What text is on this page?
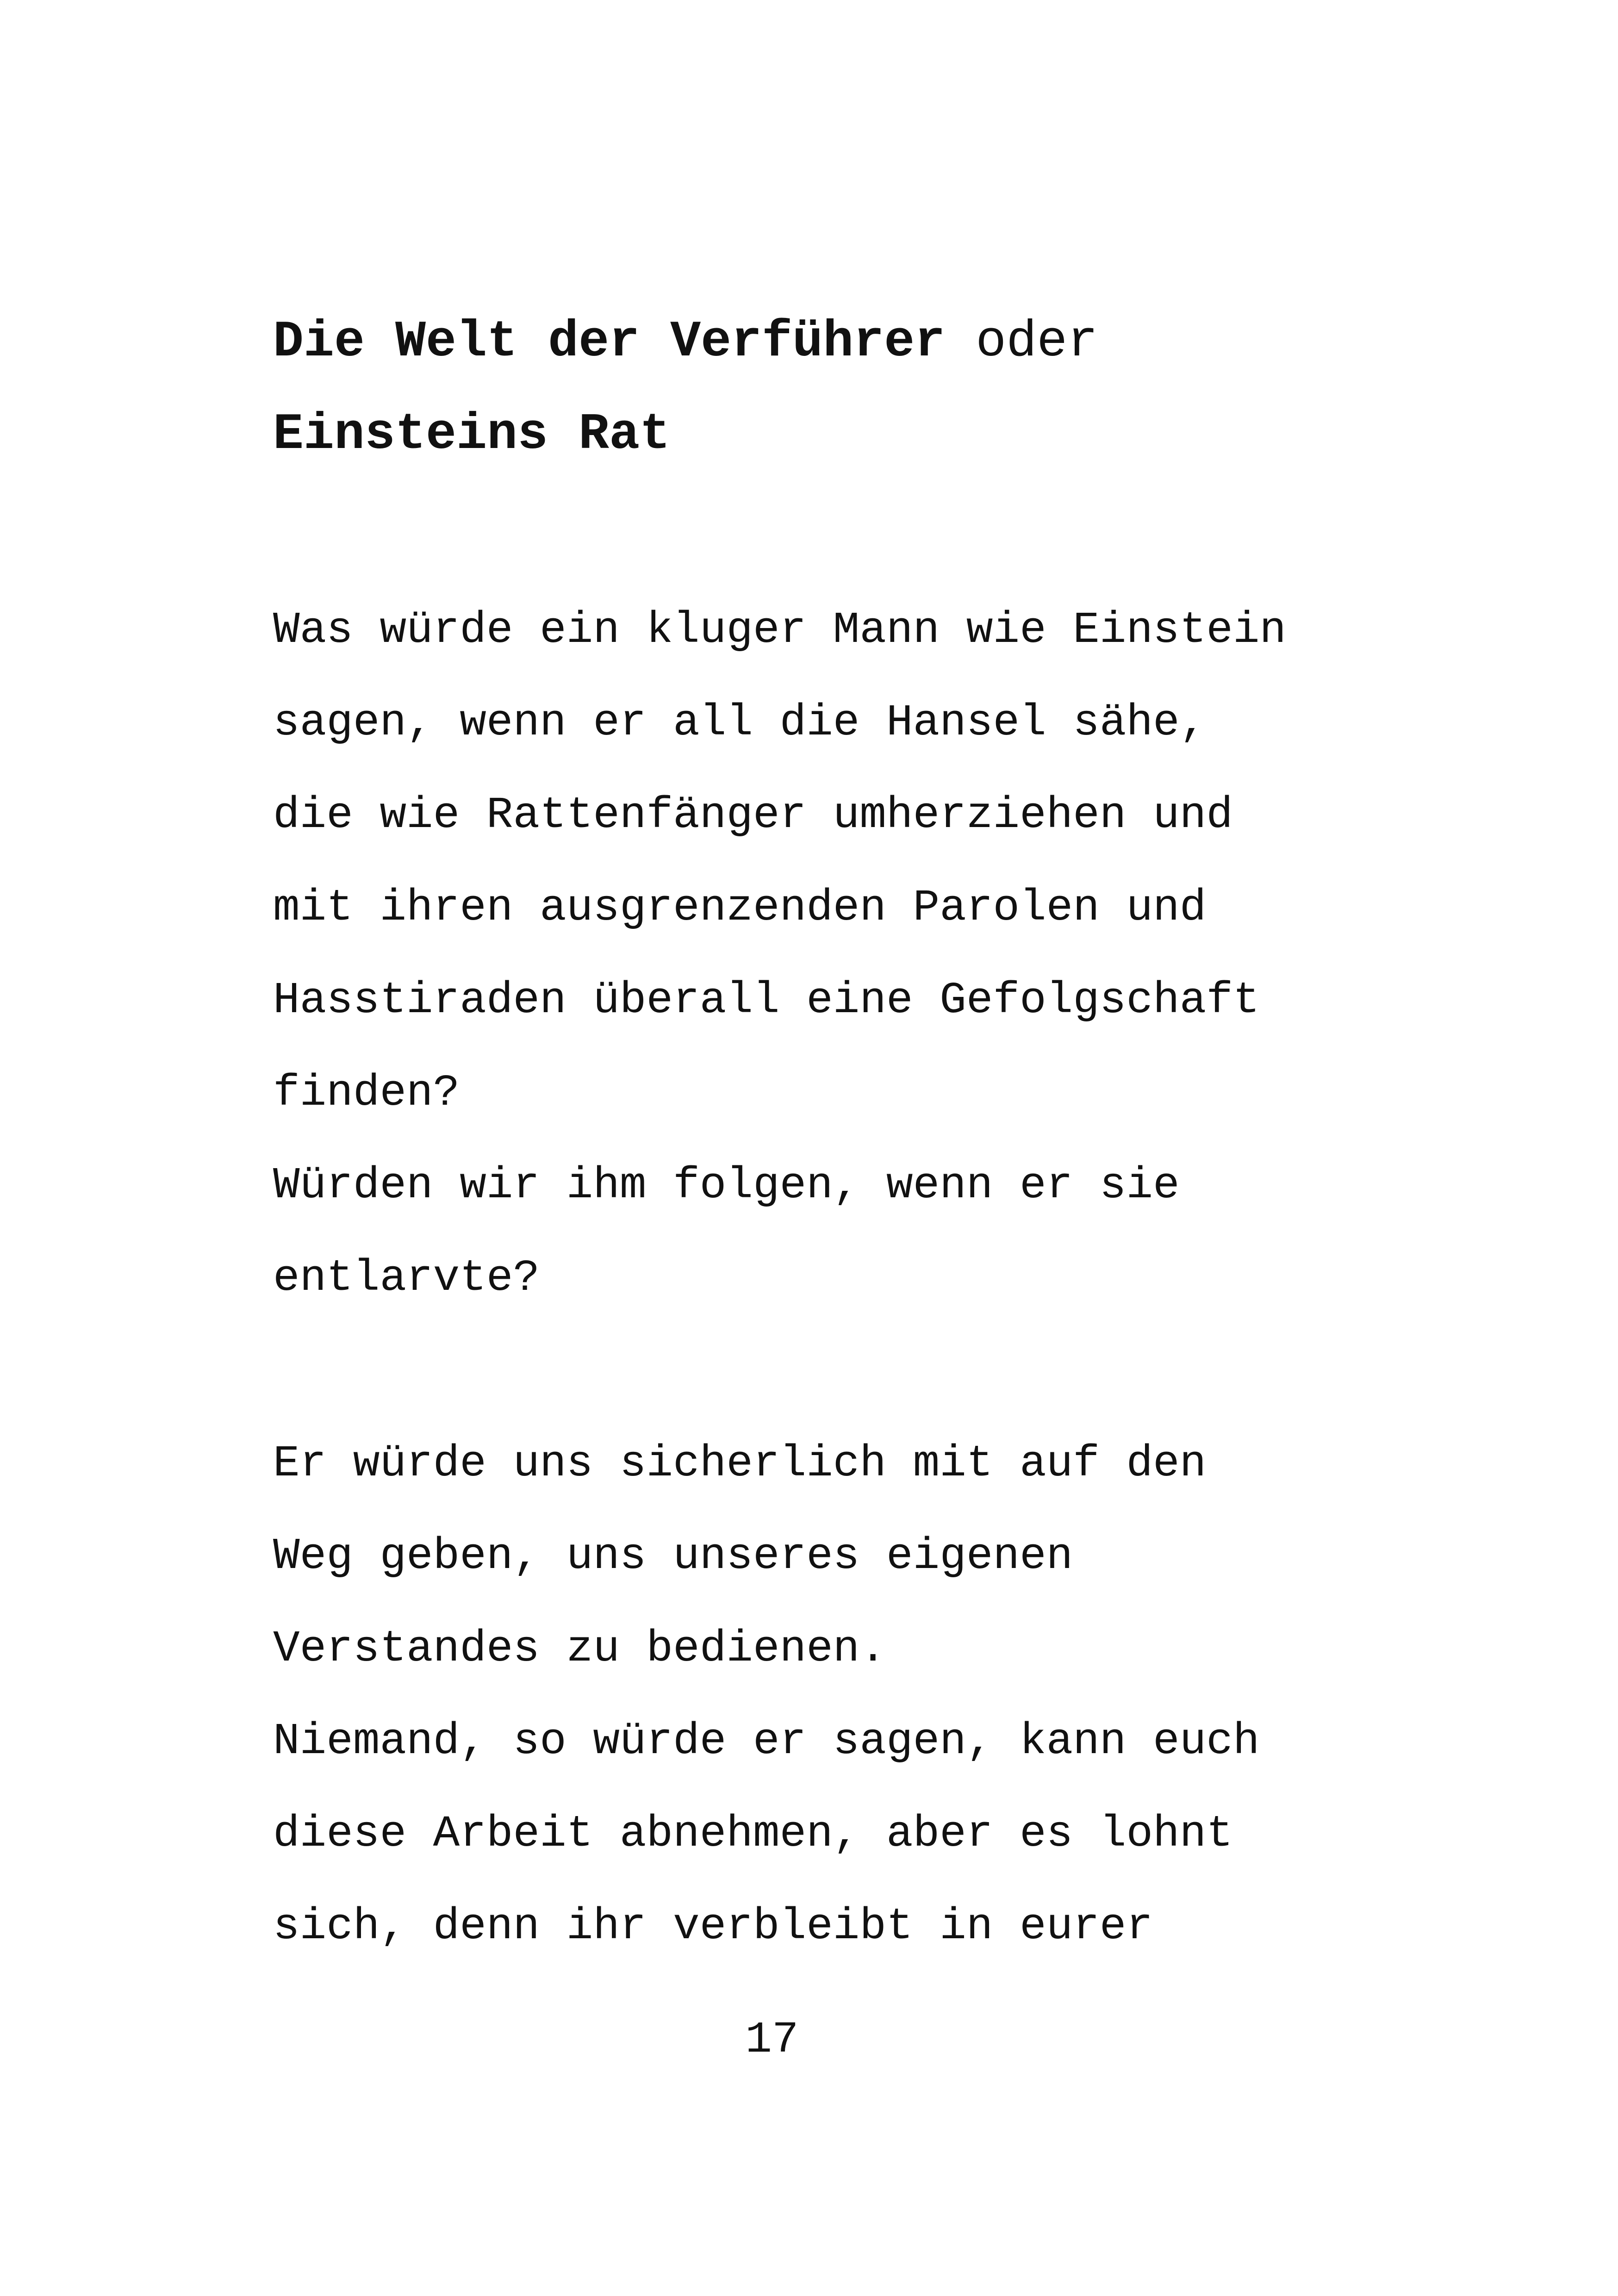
Die Welt der Verführer oder
Einsteins Rat
Was würde ein kluger Mann wie Einstein
sagen, wenn er all die Hansel sähe,
die wie Rattenfänger umherziehen und
mit ihren ausgrenzenden Parolen und
Hasstiraden überall eine Gefolgschaft
finden?
Würden wir ihm folgen, wenn er sie
entlarvte?
Er würde uns sicherlich mit auf den
Weg geben, uns unseres eigenen
Verstandes zu bedienen.
Niemand, so würde er sagen, kann euch
diese Arbeit abnehmen, aber es lohnt
sich, denn ihr verbleibt in eurer
17
